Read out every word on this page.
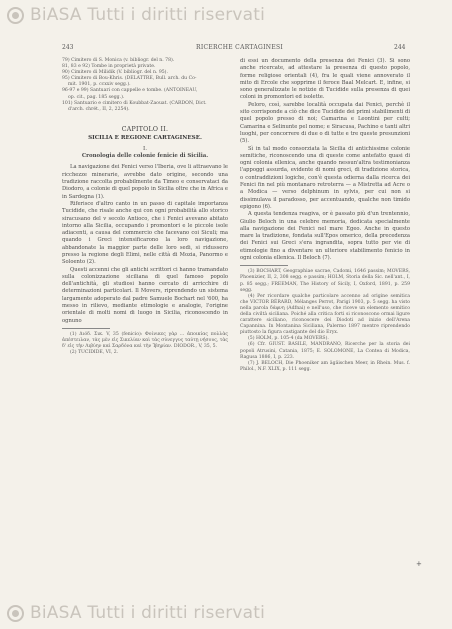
BiASA Tutti i diritti riservati
243	RICERCHE CARTAGINESI	244

79) Cimitero di S. Monica (v. bibliogr. del n. 78).

81, 83 e 92) Tombe in proprietà private.

90) Cimitero di Milidik (V. bibliogr. del n. 95).

95) Cimitero di Bou-Khris. (DELATTRE, Bull. arch. du Co-

mit. 1901, p. ccxxiv segg.).

96-97 e 99) Santuari con cappelle e tombe. (ANTOINEAU,

op. cit., pag. 185 segg.).

101) Santuario e cimitero di Koubbat-Zaouat. (CARDON, Dict.

d'arch. chrét., II, 2, 2254).

CAPITOLO II.
SICILIA E REGIONE CARTAGINESE.
I.
Cronologia delle colonie fenicie di Sicilia.

La navigazione dei Fenici verso l'Iberia, ove li attraevano le ricchezze minerarie, avrebbe dato origine, secondo una tradizione raccolta probabilmente da Timeo e conservataci da Diodoro, a colonie di quel popolo in Sicilia oltre che in Africa e in Sardegna (1).

Riferisce d'altro canto in un passo di capitale importanza Tucidide, che risale anche qui con ogni probabilità allo storico siracusano del v secolo Antioco, che i Fenici avevano abitato intorno alla Sicilia, occupando i promontori e le piccole isole adiacenti, a causa del commercio che facevano coi Siculi; ma quando i Greci intensificarono la loro navigazione, abbandonate la maggior parte delle loro sedi, si ridussero presso la regione degli Elimi, nelle città di Mozia, Panormo e Soloento (2).

Questi accenni che gli antichi scrittori ci hanno tramandato sulla colonizzazione siciliana di quel famoso popolo dell'antichità, gli studiosi hanno cercato di arricchire di determinazioni particolari. Il Movers, riprendendo un sistema largamente adoperato dal padre Samuele Bochart nel '600, ha messo in rilievo, mediante etimologie e analogie, l'origine orientale di molti nomi di luogo in Sicilia, riconoscendo in ognuno

(1) Διόδ. Σικ. V, 35 (fenicio): Φοίνικες γὰρ ... ἀποικίας πολλὰς ἀπέστειλαν, τὰς μὲν εἰς Σικελίαν καὶ τὰς σύνεγγυς ταύτῃ νήσους, τὰς δ' εἰς τὴν Λιβύην καὶ Σαρδόνα καὶ τὴν Ἰβηρίαν. DIODOR., V, 35, 5.

(2) TUCIDIDE, VI, 2.

di essi un documento della presenza dei Fenici (3). Si sono anche ricercate, ad attestare la presenza di questo popolo, forme religiose orientali (4), fra le quali viene annoverato il mito di Ercole che sopprime il feroce Baal Melcart. E, infine, si sono generalizzate le notizie di Tucidide sulla presenza di quei coloni in promontori ed isolette.

Peloro, così, sarebbe località occupata dai Fenici, perchè il sito corrisponde a ciò che dice Tucidide dei primi stabilimenti di quel popolo presso di noi; Camarina e Leontini per culti; Camarina e Selinunte pel nome; e Siracusa, Pachino e tanti altri luoghi, per concorrere di due o di tutte e tre queste presunzioni (5).

Sì in tal modo consorziata la Sicilia di antichissime colonie semitiche, riconoscendo una di queste come antefatto quasi di ogni colonia ellenica, anche quando nessun'altra testimonianza l'appoggi assurda, evidente di nomi greci, di tradizione storica, o contraddizioni logiche, con'è questa odierna dalla ricerca dei Fenici fin nel più montanaro retroterra — a Mistretta ad Acre o a Modica — verso delphinum in sylvis, per cui non si dissimulava il paradosso, per accentuando, qualche non timido epigono (6).

A questa tendenza reagiva, or è passato più d'un trentennio, Giulio Beloch in una celebre memoria, dedicata specialmente alla navigazione dei Fenici nel mare Egeo. Anche in questo mare la tradizione, fondata sull'Epos omerico, della precedenza dei Fenici sui Greci s'era ingrandita, sopra tutto per vie di etimologie fino a diventare un ulteriore stabilimento fenicio in ogni colonia ellenica. Il Beloch (7).

(3) BOCHART, Geographiae sacrae, Cadomi, 1646 passim; MOVERS, Phoenizier, II, 2, 308 segg. e passim; HOLM, Storia della Sic. nell'ant., I, p. 85 segg.; FREEMAN, The History of Sicily, I, Oxford, 1891, p. 259 segg.

(4) Per ricordare qualche particolare accenno ad origine semitica che VICTOR BÉRARD, Mélanges Perrot, Parigi 1903, p. 5 segg. ha visto nella parola δάφνη (Adfnai) e nell'uso, che riceve un elemento semitico della civiltà siciliana. Poiché alla critica forti si riconoscono ormai ligure carattere siciliano, riconoscere dei Diodoti ad inizio dell'Arena Capannina. In Montanina Siciliana, Palermo 1897 mentre riprendendo piuttosto la figura castigante del dio Eryx.

(5) HOLM, p. 105-4 (da MOVERS).

(6) Cfr. GIUST. BASILE, MANDRANO, Ricerche per la storia dei popoli Atrusini, Catania, 1875; E. SOLOMONE, La Contea di Modica, Ragusa 1886, I, p. 223.

(7) J. BELOCH, Die Phoeniker am ägäischen Meer, in Rhein. Mus. f. Philol., N.F. XLIX, p. 111 segg.

+
BiASA Tutti i diritti riservati
